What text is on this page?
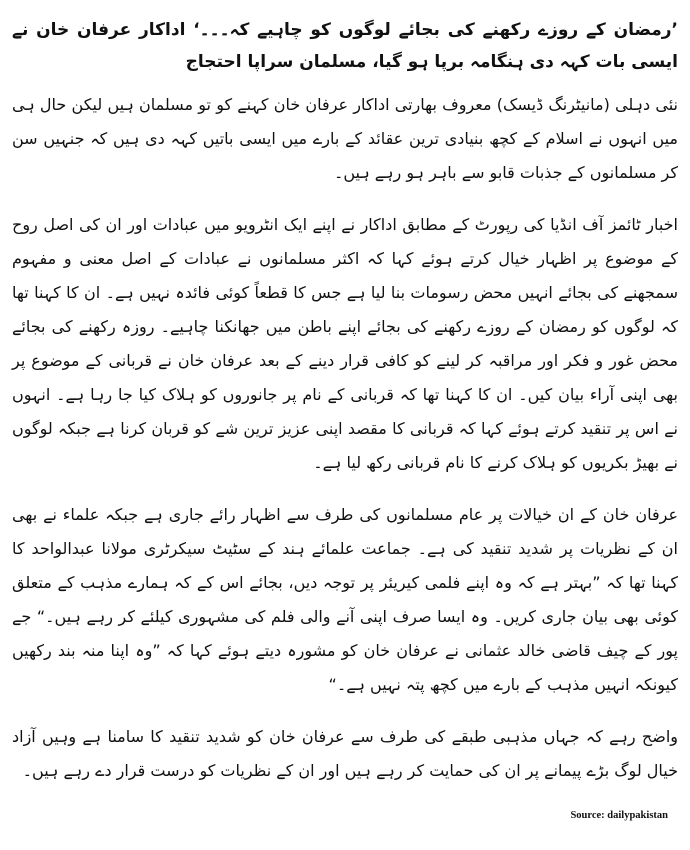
’رمضان کے روزے رکھنے کی بجائے لوگوں کو چاہیے کہ۔۔۔‘ اداکار عرفان خان نے ایسی بات کہہ دی ہنگامہ برپا ہو گیا، مسلمان سراپا احتجاج

نئی دہلی (مانیٹرنگ ڈیسک) معروف بھارتی اداکار عرفان خان کہنے کو تو مسلمان ہیں لیکن حال ہی میں انہوں نے اسلام کے کچھ بنیادی ترین عقائد کے بارے میں ایسی باتیں کہہ دی ہیں کہ جنہیں سن کر مسلمانوں کے جذبات قابو سے باہر ہو رہے ہیں۔

اخبار ٹائمز آف انڈیا کی رپورٹ کے مطابق اداکار نے اپنے ایک انٹرویو میں عبادات اور ان کی اصل روح کے موضوع پر اظہار خیال کرتے ہوئے کہا کہ اکثر مسلمانوں نے عبادات کے اصل معنی و مفہوم سمجھنے کی بجائے انہیں محض رسومات بنا لیا ہے جس کا قطعاً کوئی فائدہ نہیں ہے۔ ان کا کہنا تھا کہ لوگوں کو رمضان کے روزے رکھنے کی بجائے اپنے باطن میں جھانکنا چاہیے۔ روزہ رکھنے کی بجائے محض غور و فکر اور مراقبہ کر لینے کو کافی قرار دینے کے بعد عرفان خان نے قربانی کے موضوع پر بھی اپنی آراء بیان کیں۔ ان کا کہنا تھا کہ قربانی کے نام پر جانوروں کو ہلاک کیا جا رہا ہے۔ انہوں نے اس پر تنقید کرتے ہوئے کہا کہ قربانی کا مقصد اپنی عزیز ترین شے کو قربان کرنا ہے جبکہ لوگوں نے بھیڑ بکریوں کو ہلاک کرنے کا نام قربانی رکھ لیا ہے۔

عرفان خان کے ان خیالات پر عام مسلمانوں کی طرف سے اظہار رائے جاری ہے جبکہ علماء نے بھی ان کے نظریات پر شدید تنقید کی ہے۔ جماعت علمائے ہند کے سٹیٹ سیکرٹری مولانا عبدالواحد کا کہنا تھا کہ ”بہتر ہے کہ وہ اپنے فلمی کیریئر پر توجہ دیں، بجائے اس کے کہ ہمارے مذہب کے متعلق کوئی بھی بیان جاری کریں۔ وہ ایسا صرف اپنی آنے والی فلم کی مشہوری کیلئے کر رہے ہیں۔“ جے پور کے چیف قاضی خالد عثمانی نے عرفان خان کو مشورہ دیتے ہوئے کہا کہ ”وہ اپنا منہ بند رکھیں کیونکہ انہیں مذہب کے بارے میں کچھ پتہ نہیں ہے۔“

واضح رہے کہ جہاں مذہبی طبقے کی طرف سے عرفان خان کو شدید تنقید کا سامنا ہے وہیں آزاد خیال لوگ بڑے پیمانے پر ان کی حمایت کر رہے ہیں اور ان کے نظریات کو درست قرار دے رہے ہیں۔

Source: dailypakistan
